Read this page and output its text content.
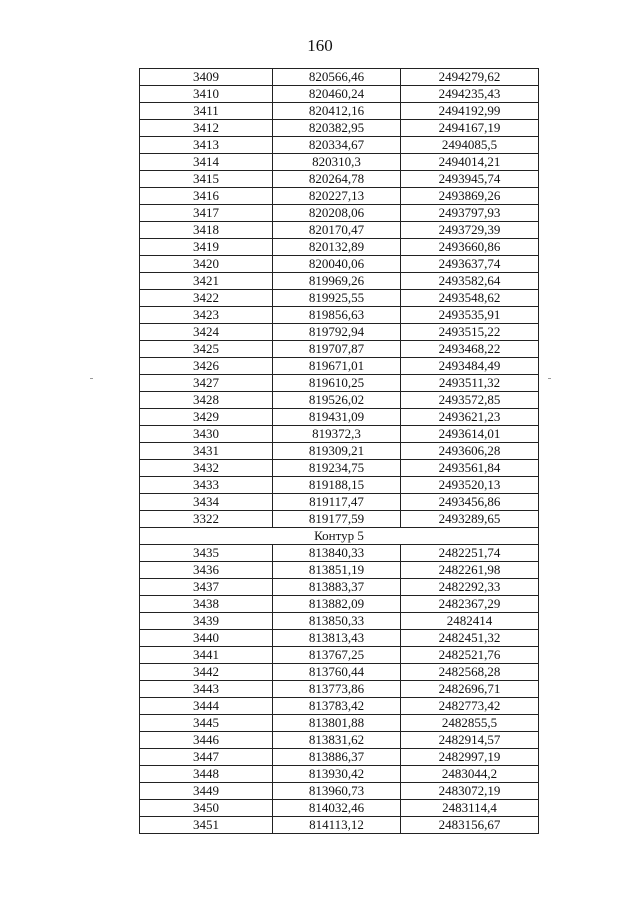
160
3409	820566,46	2494279,62
3410	820460,24	2494235,43
3411	820412,16	2494192,99
3412	820382,95	2494167,19
3413	820334,67	2494085,5
3414	820310,3	2494014,21
3415	820264,78	2493945,74
3416	820227,13	2493869,26
3417	820208,06	2493797,93
3418	820170,47	2493729,39
3419	820132,89	2493660,86
3420	820040,06	2493637,74
3421	819969,26	2493582,64
3422	819925,55	2493548,62
3423	819856,63	2493535,91
3424	819792,94	2493515,22
3425	819707,87	2493468,22
3426	819671,01	2493484,49
3427	819610,25	2493511,32
3428	819526,02	2493572,85
3429	819431,09	2493621,23
3430	819372,3	2493614,01
3431	819309,21	2493606,28
3432	819234,75	2493561,84
3433	819188,15	2493520,13
3434	819117,47	2493456,86
3322	819177,59	2493289,65
Контур 5		
3435	813840,33	2482251,74
3436	813851,19	2482261,98
3437	813883,37	2482292,33
3438	813882,09	2482367,29
3439	813850,33	2482414
3440	813813,43	2482451,32
3441	813767,25	2482521,76
3442	813760,44	2482568,28
3443	813773,86	2482696,71
3444	813783,42	2482773,42
3445	813801,88	2482855,5
3446	813831,62	2482914,57
3447	813886,37	2482997,19
3448	813930,42	2483044,2
3449	813960,73	2483072,19
3450	814032,46	2483114,4
3451	814113,12	2483156,67
